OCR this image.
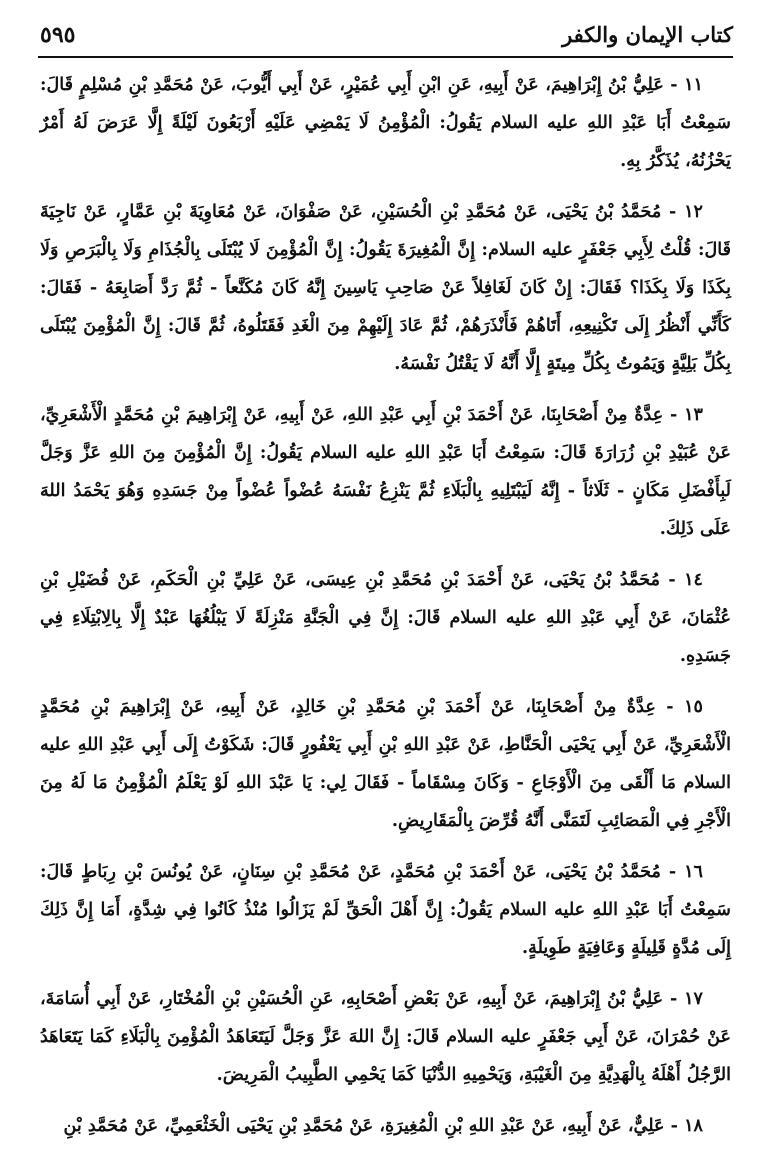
٥٩٥	كتاب الإيمان والكفر

١١ - عَلِيُّ بْنُ إِبْرَاهِيمَ، عَنْ أَبِيهِ، عَنِ ابْنِ أَبِي عُمَيْرٍ، عَنْ أَبِي أَيُّوبَ، عَنْ مُحَمَّدِ بْنِ مُسْلِمٍ قَالَ: سَمِعْتُ أَبَا عَبْدِ اللهِ عليه السلام يَقُولُ: الْمُؤْمِنُ لَا يَمْضِي عَلَيْهِ أَرْبَعُونَ لَيْلَةً إِلَّا عَرَضَ لَهُ أَمْرٌ يَحْزُنُهُ، يُذَكَّرُ بِهِ.

١٢ - مُحَمَّدُ بْنُ يَحْيَى، عَنْ مُحَمَّدِ بْنِ الْحُسَيْنِ، عَنْ صَفْوَانَ، عَنْ مُعَاوِيَةَ بْنِ عَمَّارٍ، عَنْ نَاجِيَةَ قَالَ: قُلْتُ لِأَبِي جَعْفَرٍ عليه السلام: إِنَّ الْمُغِيرَةَ يَقُولُ: إِنَّ الْمُؤْمِنَ لَا يُبْتَلَى بِالْجُذَامِ وَلَا بِالْبَرَصِ وَلَا بِكَذَا وَلَا بِكَذَا؟ فَقَالَ: إِنْ كَانَ لَغَافِلاً عَنْ صَاحِبِ يَاسِينَ إِنَّهُ كَانَ مُكَنَّعاً - ثُمَّ رَدَّ أَصَابِعَهُ - فَقَالَ: كَأَنِّي أَنْظُرُ إِلَى تَكْنِيعِهِ، أَتَاهُمْ فَأَنْذَرَهُمْ، ثُمَّ عَادَ إِلَيْهِمْ مِنَ الْغَدِ فَقَتَلُوهُ، ثُمَّ قَالَ: إِنَّ الْمُؤْمِنَ يُبْتَلَى بِكُلِّ بَلِيَّةٍ وَيَمُوتُ بِكُلِّ مِيتَةٍ إِلَّا أَنَّهُ لَا يَقْتُلُ نَفْسَهُ.

١٣ - عِدَّةٌ مِنْ أَصْحَابِنَا، عَنْ أَحْمَدَ بْنِ أَبِي عَبْدِ اللهِ، عَنْ أَبِيهِ، عَنْ إِبْرَاهِيمَ بْنِ مُحَمَّدٍ الْأَشْعَرِيِّ، عَنْ عُبَيْدِ بْنِ زُرَارَةَ قَالَ: سَمِعْتُ أَبَا عَبْدِ اللهِ عليه السلام يَقُولُ: إِنَّ الْمُؤْمِنَ مِنَ اللهِ عَزَّ وَجَلَّ لَبِأَفْضَلِ مَكَانٍ - ثَلَاثاً - إِنَّهُ لَيَبْتَلِيهِ بِالْبَلَاءِ ثُمَّ يَنْزِعُ نَفْسَهُ عُضْواً عُضْواً مِنْ جَسَدِهِ وَهُوَ يَحْمَدُ اللهَ عَلَى ذَلِكَ.

١٤ - مُحَمَّدُ بْنُ يَحْيَى، عَنْ أَحْمَدَ بْنِ مُحَمَّدِ بْنِ عِيسَى، عَنْ عَلِيِّ بْنِ الْحَكَمِ، عَنْ فُضَيْلِ بْنِ عُثْمَانَ، عَنْ أَبِي عَبْدِ اللهِ عليه السلام قَالَ: إِنَّ فِي الْجَنَّةِ مَنْزِلَةً لَا يَبْلُغُهَا عَبْدٌ إِلَّا بِالِابْتِلَاءِ فِي جَسَدِهِ.

١٥ - عِدَّةٌ مِنْ أَصْحَابِنَا، عَنْ أَحْمَدَ بْنِ مُحَمَّدِ بْنِ خَالِدٍ، عَنْ أَبِيهِ، عَنْ إِبْرَاهِيمَ بْنِ مُحَمَّدٍ الْأَشْعَرِيِّ، عَنْ أَبِي يَحْيَى الْحَنَّاطِ، عَنْ عَبْدِ اللهِ بْنِ أَبِي يَعْفُورٍ قَالَ: شَكَوْتُ إِلَى أَبِي عَبْدِ اللهِ عليه السلام مَا أَلْقَى مِنَ الْأَوْجَاعِ - وَكَانَ مِسْقَاماً - فَقَالَ لِي: يَا عَبْدَ اللهِ لَوْ يَعْلَمُ الْمُؤْمِنُ مَا لَهُ مِنَ الْأَجْرِ فِي الْمَصَائِبِ لَتَمَنَّى أَنَّهُ قُرِّضَ بِالْمَقَارِيضِ.

١٦ - مُحَمَّدُ بْنُ يَحْيَى، عَنْ أَحْمَدَ بْنِ مُحَمَّدٍ، عَنْ مُحَمَّدِ بْنِ سِنَانٍ، عَنْ يُونُسَ بْنِ رِبَاطٍ قَالَ: سَمِعْتُ أَبَا عَبْدِ اللهِ عليه السلام يَقُولُ: إِنَّ أَهْلَ الْحَقِّ لَمْ يَزَالُوا مُنْذُ كَانُوا فِي شِدَّةٍ، أَمَا إِنَّ ذَلِكَ إِلَى مُدَّةٍ قَلِيلَةٍ وَعَافِيَةٍ طَوِيلَةٍ.

١٧ - عَلِيُّ بْنُ إِبْرَاهِيمَ، عَنْ أَبِيهِ، عَنْ بَعْضِ أَصْحَابِهِ، عَنِ الْحُسَيْنِ بْنِ الْمُخْتَارِ، عَنْ أَبِي أُسَامَةَ، عَنْ حُمْرَانَ، عَنْ أَبِي جَعْفَرٍ عليه السلام قَالَ: إِنَّ اللهَ عَزَّ وَجَلَّ لَيَتَعَاهَدُ الْمُؤْمِنَ بِالْبَلَاءِ كَمَا يَتَعَاهَدُ الرَّجُلُ أَهْلَهُ بِالْهَدِيَّةِ مِنَ الْغَيْبَةِ، وَيَحْمِيهِ الدُّنْيَا كَمَا يَحْمِي الطَّبِيبُ الْمَرِيضَ.

١٨ - عَلِيٌّ، عَنْ أَبِيهِ، عَنْ عَبْدِ اللهِ بْنِ الْمُغِيرَةِ، عَنْ مُحَمَّدِ بْنِ يَحْيَى الْخَثْعَمِيِّ، عَنْ مُحَمَّدِ بْنِ
